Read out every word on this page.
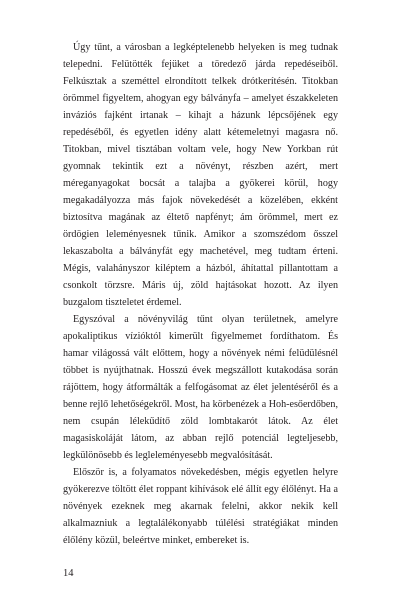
Úgy tűnt, a városban a legképtelenebb helyeken is meg tudnak telepedni. Felütötték fejüket a töredező járda repedéseiből. Felkúsztak a szeméttel elrondított telkek drótkerítésén. Titokban örömmel figyeltem, ahogyan egy bálványfa – amelyet északkeleten inváziós fajként irtanak – kihajt a házunk lépcsőjének egy repedéséből, és egyetlen idény alatt kétemeletnyi magasra nő. Titokban, mivel tisztában voltam vele, hogy New Yorkban rút gyomnak tekintik ezt a növényt, részben azért, mert méreganyagokat bocsát a talajba a gyökerei körül, hogy megakadályozza más fajok növekedését a közelében, ekként biztosítva magának az éltető napfényt; ám örömmel, mert ez ördögien leleményesnek tűnik. Amikor a szomszédom ősszel lekaszabolta a bálványfát egy machetével, meg tudtam érteni. Mégis, valahányszor kiléptem a házból, áhítattal pillantottam a csonkolt törzsre. Máris új, zöld hajtásokat hozott. Az ilyen buzgalom tiszteletet érdemel.

Egyszóval a növényvilág tűnt olyan területnek, amelyre apokaliptikus vízióktól kimerült figyelmemet fordíthatom. És hamar világossá vált előttem, hogy a növények némi felüdülésnél többet is nyújthatnak. Hosszú évek megszállott kutakodása során rájöttem, hogy átformálták a felfogásomat az élet jelentéséről és a benne rejlő lehetőségekről. Most, ha körbenézek a Hoh-esőerdőben, nem csupán lélekűdítő zöld lombtakarót látok. Az élet magasiskoláját látom, az abban rejlő potenciál legteljesebb, legkülönösebb és legleleményesebb megvalósítását.

Először is, a folyamatos növekedésben, mégis egyetlen helyre gyökerezve töltött élet roppant kihívások elé állít egy élőlényt. Ha a növények ezeknek meg akarnak felelni, akkor nekik kell alkalmazniuk a legtalálékonyabb túlélési stratégiákat minden élőlény közül, beleértve minket, embereket is.

14
